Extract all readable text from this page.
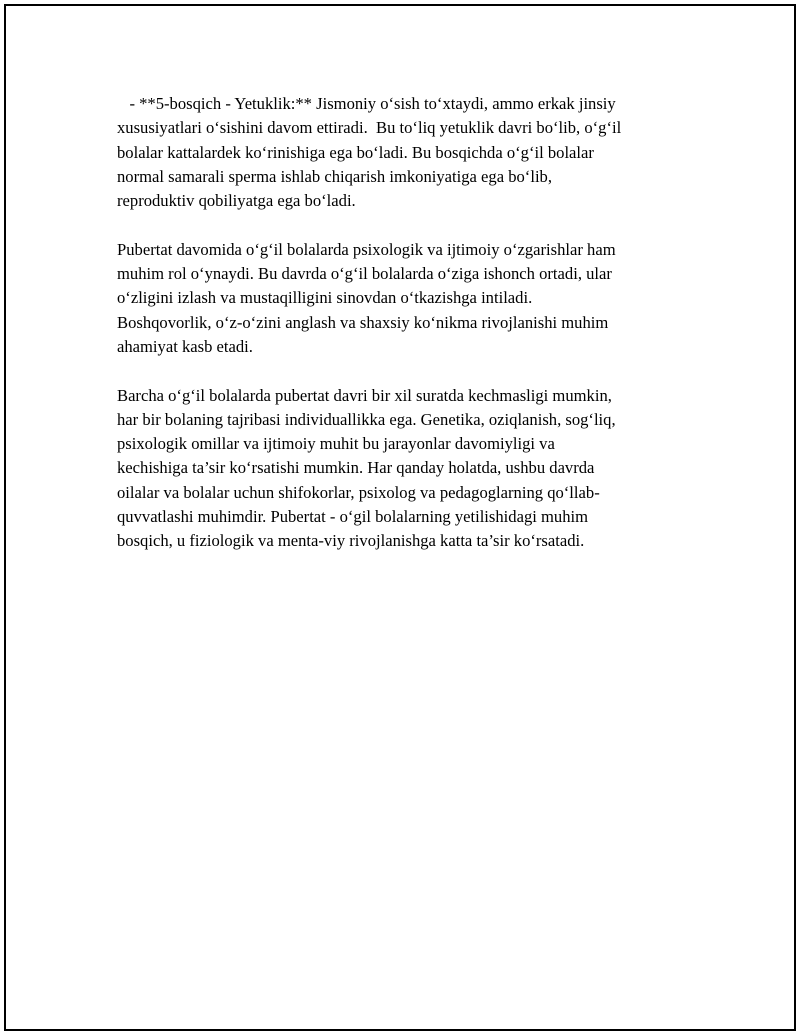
- **5-bosqich - Yetuklik:** Jismoniy o‘sish to‘xtaydi, ammo erkak jinsiy
xususiyatlari o‘sishini davom ettiradi.  Bu to‘liq yetuklik davri bo‘lib, o‘g‘il
bolalar kattalardek ko‘rinishiga ega bo‘ladi. Bu bosqichda o‘g‘il bolalar
normal samarali sperma ishlab chiqarish imkoniyatiga ega bo‘lib,
reproduktiv qobiliyatga ega bo‘ladi.

Pubertat davomida o‘g‘il bolalarda psixologik va ijtimoiy o‘zgarishlar ham
muhim rol o‘ynaydi. Bu davrda o‘g‘il bolalarda o‘ziga ishonch ortadi, ular
o‘zligini izlash va mustaqilligini sinovdan o‘tkazishga intiladi.
Boshqovorlik, o‘z-o‘zini anglash va shaxsiy ko‘nikma rivojlanishi muhim
ahamiyat kasb etadi.

Barcha o‘g‘il bolalarda pubertat davri bir xil suratda kechmasligi mumkin,
har bir bolaning tajribasi individuallikka ega. Genetika, oziqlanish, sog‘liq,
psixologik omillar va ijtimoiy muhit bu jarayonlar davomiyligi va
kechishiga ta’sir ko‘rsatishi mumkin. Har qanday holatda, ushbu davrda
oilalar va bolalar uchun shifokorlar, psixolog va pedagoglarning qo‘llab-
quvvatlashi muhimdir. Pubertat - o‘gil bolalarning yetilishidagi muhim
bosqich, u fiziologik va menta-viy rivojlanishga katta ta’sir ko‘rsatadi.
